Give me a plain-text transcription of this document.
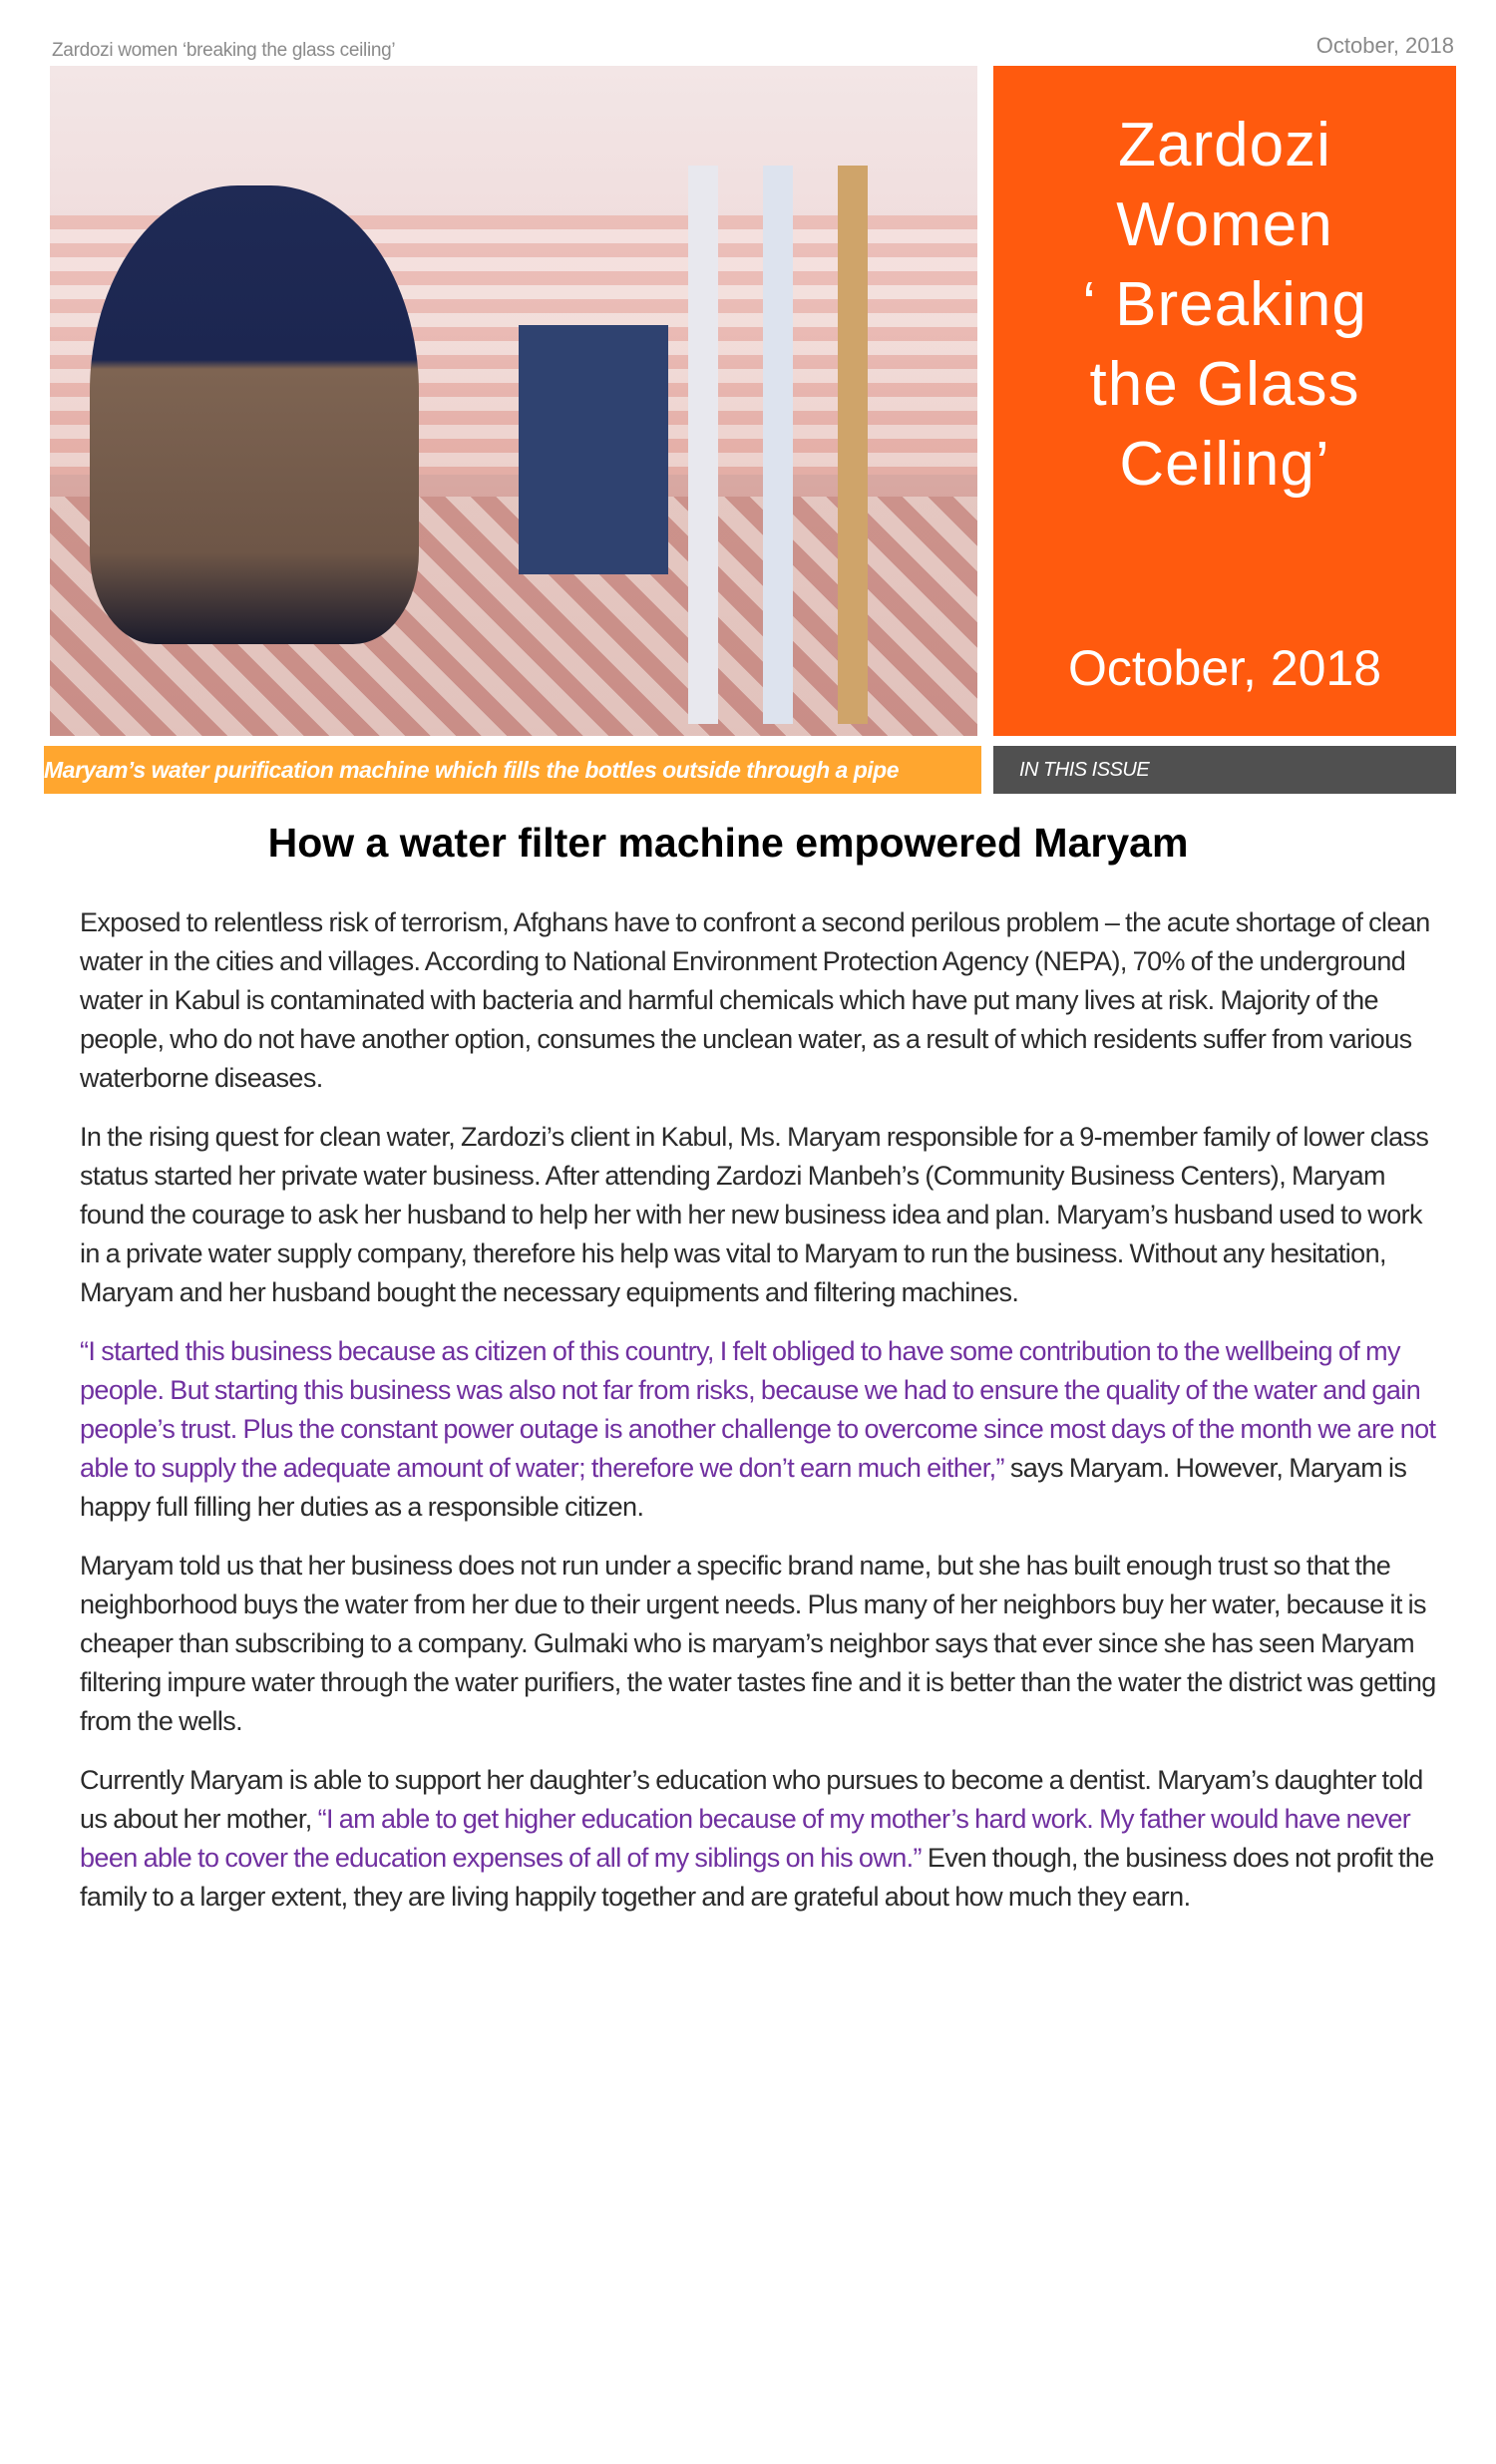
Zardozi women ‘breaking the glass ceiling’	October, 2018
Zardozi
Women
‘ Breaking
the Glass
Ceiling’
October, 2018
Maryam’s water purification machine which fills the bottles outside through a pipe	IN THIS ISSUE
How a water filter machine empowered Maryam

Exposed to relentless risk of terrorism, Afghans have to confront a second perilous problem – the acute shortage of clean water in the cities and villages. According to National Environment Protection Agency (NEPA), 70% of the underground water in Kabul is contaminated with bacteria and harmful chemicals which have put many lives at risk. Majority of the people, who do not have another option, consumes the unclean water, as a result of which residents suffer from various waterborne diseases.

In the rising quest for clean water, Zardozi’s client in Kabul, Ms. Maryam responsible for a 9-member family of lower class status started her private water business. After attending Zardozi Manbeh’s (Community Business Centers), Maryam found the courage to ask her husband to help her with her new business idea and plan. Maryam’s husband used to work in a private water supply company, therefore his help was vital to Maryam to run the business. Without any hesitation, Maryam and her husband bought the necessary equipments and filtering machines.

“I started this business because as citizen of this country, I felt obliged to have some contribution to the wellbeing of my people. But starting this business was also not far from risks, because we had to ensure the quality of the water and gain people’s trust. Plus the constant power outage is another challenge to overcome since most days of the month we are not able to supply the adequate amount of water; therefore we don’t earn much either,” says Maryam. However, Maryam is happy full filling her duties as a responsible citizen.

Maryam told us that her business does not run under a specific brand name, but she has built enough trust so that the neighborhood buys the water from her due to their urgent needs. Plus many of her neighbors buy her water, because it is cheaper than subscribing to a company. Gulmaki who is maryam’s neighbor says that ever since she has seen Maryam filtering impure water through the water purifiers, the water tastes fine and it is better than the water the district was getting from the wells.

Currently Maryam is able to support her daughter’s education who pursues to become a dentist. Maryam’s daughter told us about her mother, “I am able to get higher education because of my mother’s hard work. My father would have never been able to cover the education expenses of all of my siblings on his own.” Even though, the business does not profit the family to a larger extent, they are living happily together and are grateful about how much they earn.
